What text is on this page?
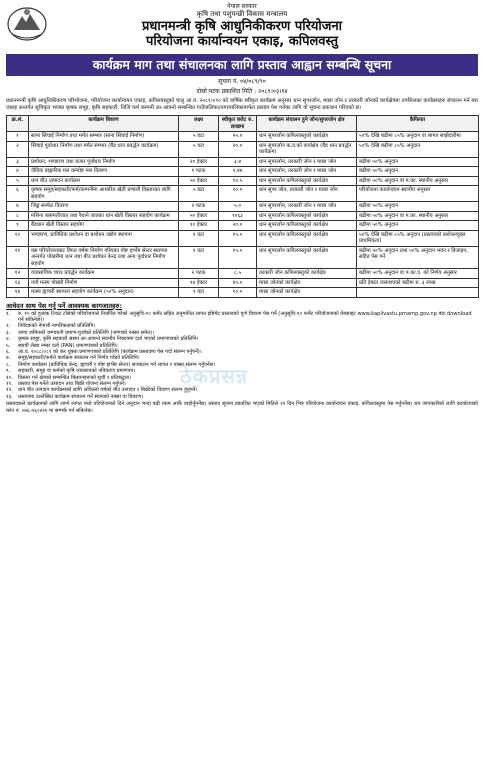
नेपाल सरकार
कृषि तथा पशुपन्छी विकास मन्त्रालय
प्रधानमन्त्री कृषि आधुनिकीकरण परियोजना
परियोजना कार्यान्वयन एकाइ, कपिलवस्तु
कार्यक्रम माग तथा संचालनका लागि प्रस्ताव आह्वान सम्बन्धि सूचना
सूचना नं. ०४/०८९/९०
दोस्रो पटक प्रकाशित मिति : २०८९।०३।१४
प्रधानमन्त्री कृषि आधुनिकीकरण परियोजना, परियोजना कार्यान्वयन एकाइ, कपिलवस्तुको चालु आ.व. २०८९।०९० को वार्षिक स्वीकृत कार्यक्रम अनुसार धान सुपरजोन, माछा जोन र तरकारी जोनको कार्यक्षेत्रमा तपशिलका कार्यक्रमहरु संचालन गर्न यस एकाइ अन्तर्गत सूचिकृत भएका कृषक समूह, कृषि सहकारी, निजि फर्म कम्पनी आ-आफ्नो सम्बन्धित गाउँपालिका/नगरपालिकामार्फत प्रस्ताव पेश गर्नका लागि यो सूचना प्रकाशन गरिएको छ।
क्र.सं.	कार्यक्रम विवरण	लक्ष्य	स्वीकृत बजेट रु. लाखमा	कार्यक्रम संचालन हुने जोन/सुपरजोन क्षेत्र	कैफियत
१	साना सिंचाई निर्माण तथा मर्मत सम्भार (साना सिंचाई निर्माण)	५ वटा	२५.०	धान सुपरजोन कपिलवस्तुको कार्यक्षेत्र	५०% देखि बढीमा ८५% अनुदान वा लागत साझेदारीमा
२	सिंचाई पूर्वाधार निर्माण तथा मर्मत सम्भार (बैंड धान प्रवर्द्धन कार्यक्रम)	५ वटा	२०.०	धान सुपरजोन क.व.को कार्यक्षेत्र (बैंड धान प्रवर्द्धन कार्यक्रम)	५०% देखि बढीमा ८५% अनुदान
३	प्रशोधन, भण्डारण तथा बजार पूर्वाधार निर्माण	२० हेक्टर	३.४	धान सुपरजोन, तरकारी जोन र माछा जोन	बढीमा ५०% अनुदान
४	जैविक प्राङ्गारिक मल कम्पोष्ट मल वितरण	१ पटक	२.४४	धान सुपरजोन, तरकारी जोन र माछा जोन	बढीमा ५०% अनुदान
५	धान बीउ उत्पादन कार्यक्रम	५० हेक्टर	१२.५	धान सुपरजोन कपिलवस्तुको कार्यक्षेत्र	बढीमा ५०% अनुदान वा प.का. स्थानीय अनुसार
६	कृषक समूह/सहकारी/फर्म/कम्पनीमा आधारित खेती प्रणाली विस्तारका लागि सहयोग	५ वटा	२०.०	धान सुपर जोन, तरकारी जोन र माछा जोन	परियोजना कार्यान्वयन स्थानीय अनुसार
७	जिङ्क सल्फेट वितरण	२ पटक	५.०	धान सुपरजोन, तरकारी जोन र माछा जोन	बढीमा ५०% अनुदान
८	मसिना बासमतीजात तथा रैथाने जातका धान खेती विस्तार सहयोग कार्यक्रम	५० हेक्टर	१०६३	धान सुपरजोन कपिलवस्तुको कार्यक्षेत्र	बढीमा ५०% अनुदान वा प.का. स्थानीय अनुसार
९	बैंडधान खेती विस्तार सहयोग	१० हेक्टर	२०.०	धान सुपरजोन कपिलवस्तुको कार्यक्षेत्र	बढीमा ५०% अनुदान
१०	भण्डारण, प्राविधिक प्रशोधन वा प्रशोधन उद्योग स्थापना	१ वटा	१५.०	धान सुपरजोन कपिलवस्तुको कार्यक्षेत्र	५०% देखि बढीमा ८५% अनुदान (प्रस्तावको प्रशोधनयुक्त प्राथमिकता)
११	यस परियोजनाबाट विगत वर्षमा निर्माण गरिएका पोष्ट हार्भेष्ट सेन्टर स्थापना अन्तर्गत पोखरीमा धान तथा बीउ प्रशोधन केन्द्र तथा अन्य पूर्वाधार निर्माण सहयोग	१ वटा	१५.०	धान सुपरजोन कपिलवस्तुको कार्यक्षेत्र	बढीमा ५०% अनुदान तथा ५०% अनुदान भवन र डिजाइन, सहित पेस गर्ने
१२	व्यवसायिक च्याउ प्रवर्द्धन कार्यक्रम	२ पटक	८.५	तरकारी जोन कपिलवस्तुको कार्यक्षेत्र	बढीमा ५०% अनुदान वा प.का.ए. को निर्णय अनुसार
१३	नयाँ मत्स्य पोखरी निर्माण	१४ हेक्टर	४५.०	माछा जोनको कार्यक्षेत्र	प्रति हेक्टर जलाशयको बढीमा रु. ३ लाख
१४	मत्स्य ह्याचरी स्थापना सहयोग कार्यक्रम (५०% अनुदान)	१ वटा	१०.०	माछा जोनको कार्यक्षेत्र	
आवेदन साथ पेस गर्नु पर्ने आवश्यक कागजातहरु:
१.	रु. १० को हुलाक टिकट टाँसेको परियोजनाले निर्धारित गरेको अनुसूचि-१० फर्मेट सहित अनुमानित लागत इष्टिमेट प्रस्तावको पूर्ण विवरण पेस गर्ने (अनुसूचि-१० फर्मेट परियोजनाको वेबसाइट www.kapilvastu.pmamp.gov.np बाट download गर्न सकिनेछ)।
२.	निवेदकको नेपाली नागरिकताको प्रतिलिपि।
३.	जग्गा जमिनको जग्गाधनी प्रमाण-पुर्जाको प्रतिलिपि (जग्गाको नक्सा समेत)।
४.	कृषक समूह, कृषि सहकारी संस्था आ-आफ्नो स्थानीय निकायमा दर्ता भएको प्रमाणपत्रको प्रतिलिपि।
५.	स्थायी लेखा नम्बर दर्ता (PAN) प्रमाणपत्रको प्रतिलिपि।
६.	आ.व. २०८८।०८९ को कर चुक्ता प्रमाणपत्रको प्रतिलिपि (कार्यक्रम प्रस्तावमा पेस गर्दा संलग्न गर्नुपर्ने)।
७.	समूह/सहकारी/फर्मले कार्यक्रम संचालन गर्न निर्णय गरेको प्रतिलिपि।
८.	निर्माण कार्यक्रम (प्राविधिक केन्द्र, ह्याचरी र पोष्ट हार्भेष्ट सेन्टर) सञ्चालन गर्न लागत र नक्सा संलग्न गर्नुपर्नेछ।
९.	सहकारी, समूह वा फर्मको कृषि व्यवसायको नविकरण प्रमाणपत्र।
१०. विस्तार गर्ने क्षेत्रको सम्बन्धित किसानहरूको सूची र प्रतिबद्धता।
११. प्रस्ताव पेस गर्नेले उत्पादन तथा बिक्री योजना संलग्न गर्नुपर्ने।
१२. धान बीउ उत्पादन कार्यक्रमको लागि अघिल्लो वर्षको बीउ उत्पादन र बिक्रीको विवरण संलग्न हुनुपर्ने।
१३. प्रस्तावमा उल्लेखित कार्यक्रम संचालन गर्ने स्थानको नक्सा वा विवरण।
प्रस्तावकले कार्यक्रमको लागि लाग्ने लागत मध्ये परियोजनाले दिने अनुदान भन्दा बढी रकम आफैं व्यहोर्नुपर्नेछ। प्रस्ताव सूचना प्रकाशित भएको मितिले २१ दिन भित्र परियोजना कार्यान्वयन एकाइ, कपिलवस्तुमा पेस गर्नुपर्नेछ। थप जानकारीको लागि कार्यालयको फोन नं. ०७६-५६०४२४ मा सम्पर्क गर्न सकिनेछ।
ठेकप्रसन्न
